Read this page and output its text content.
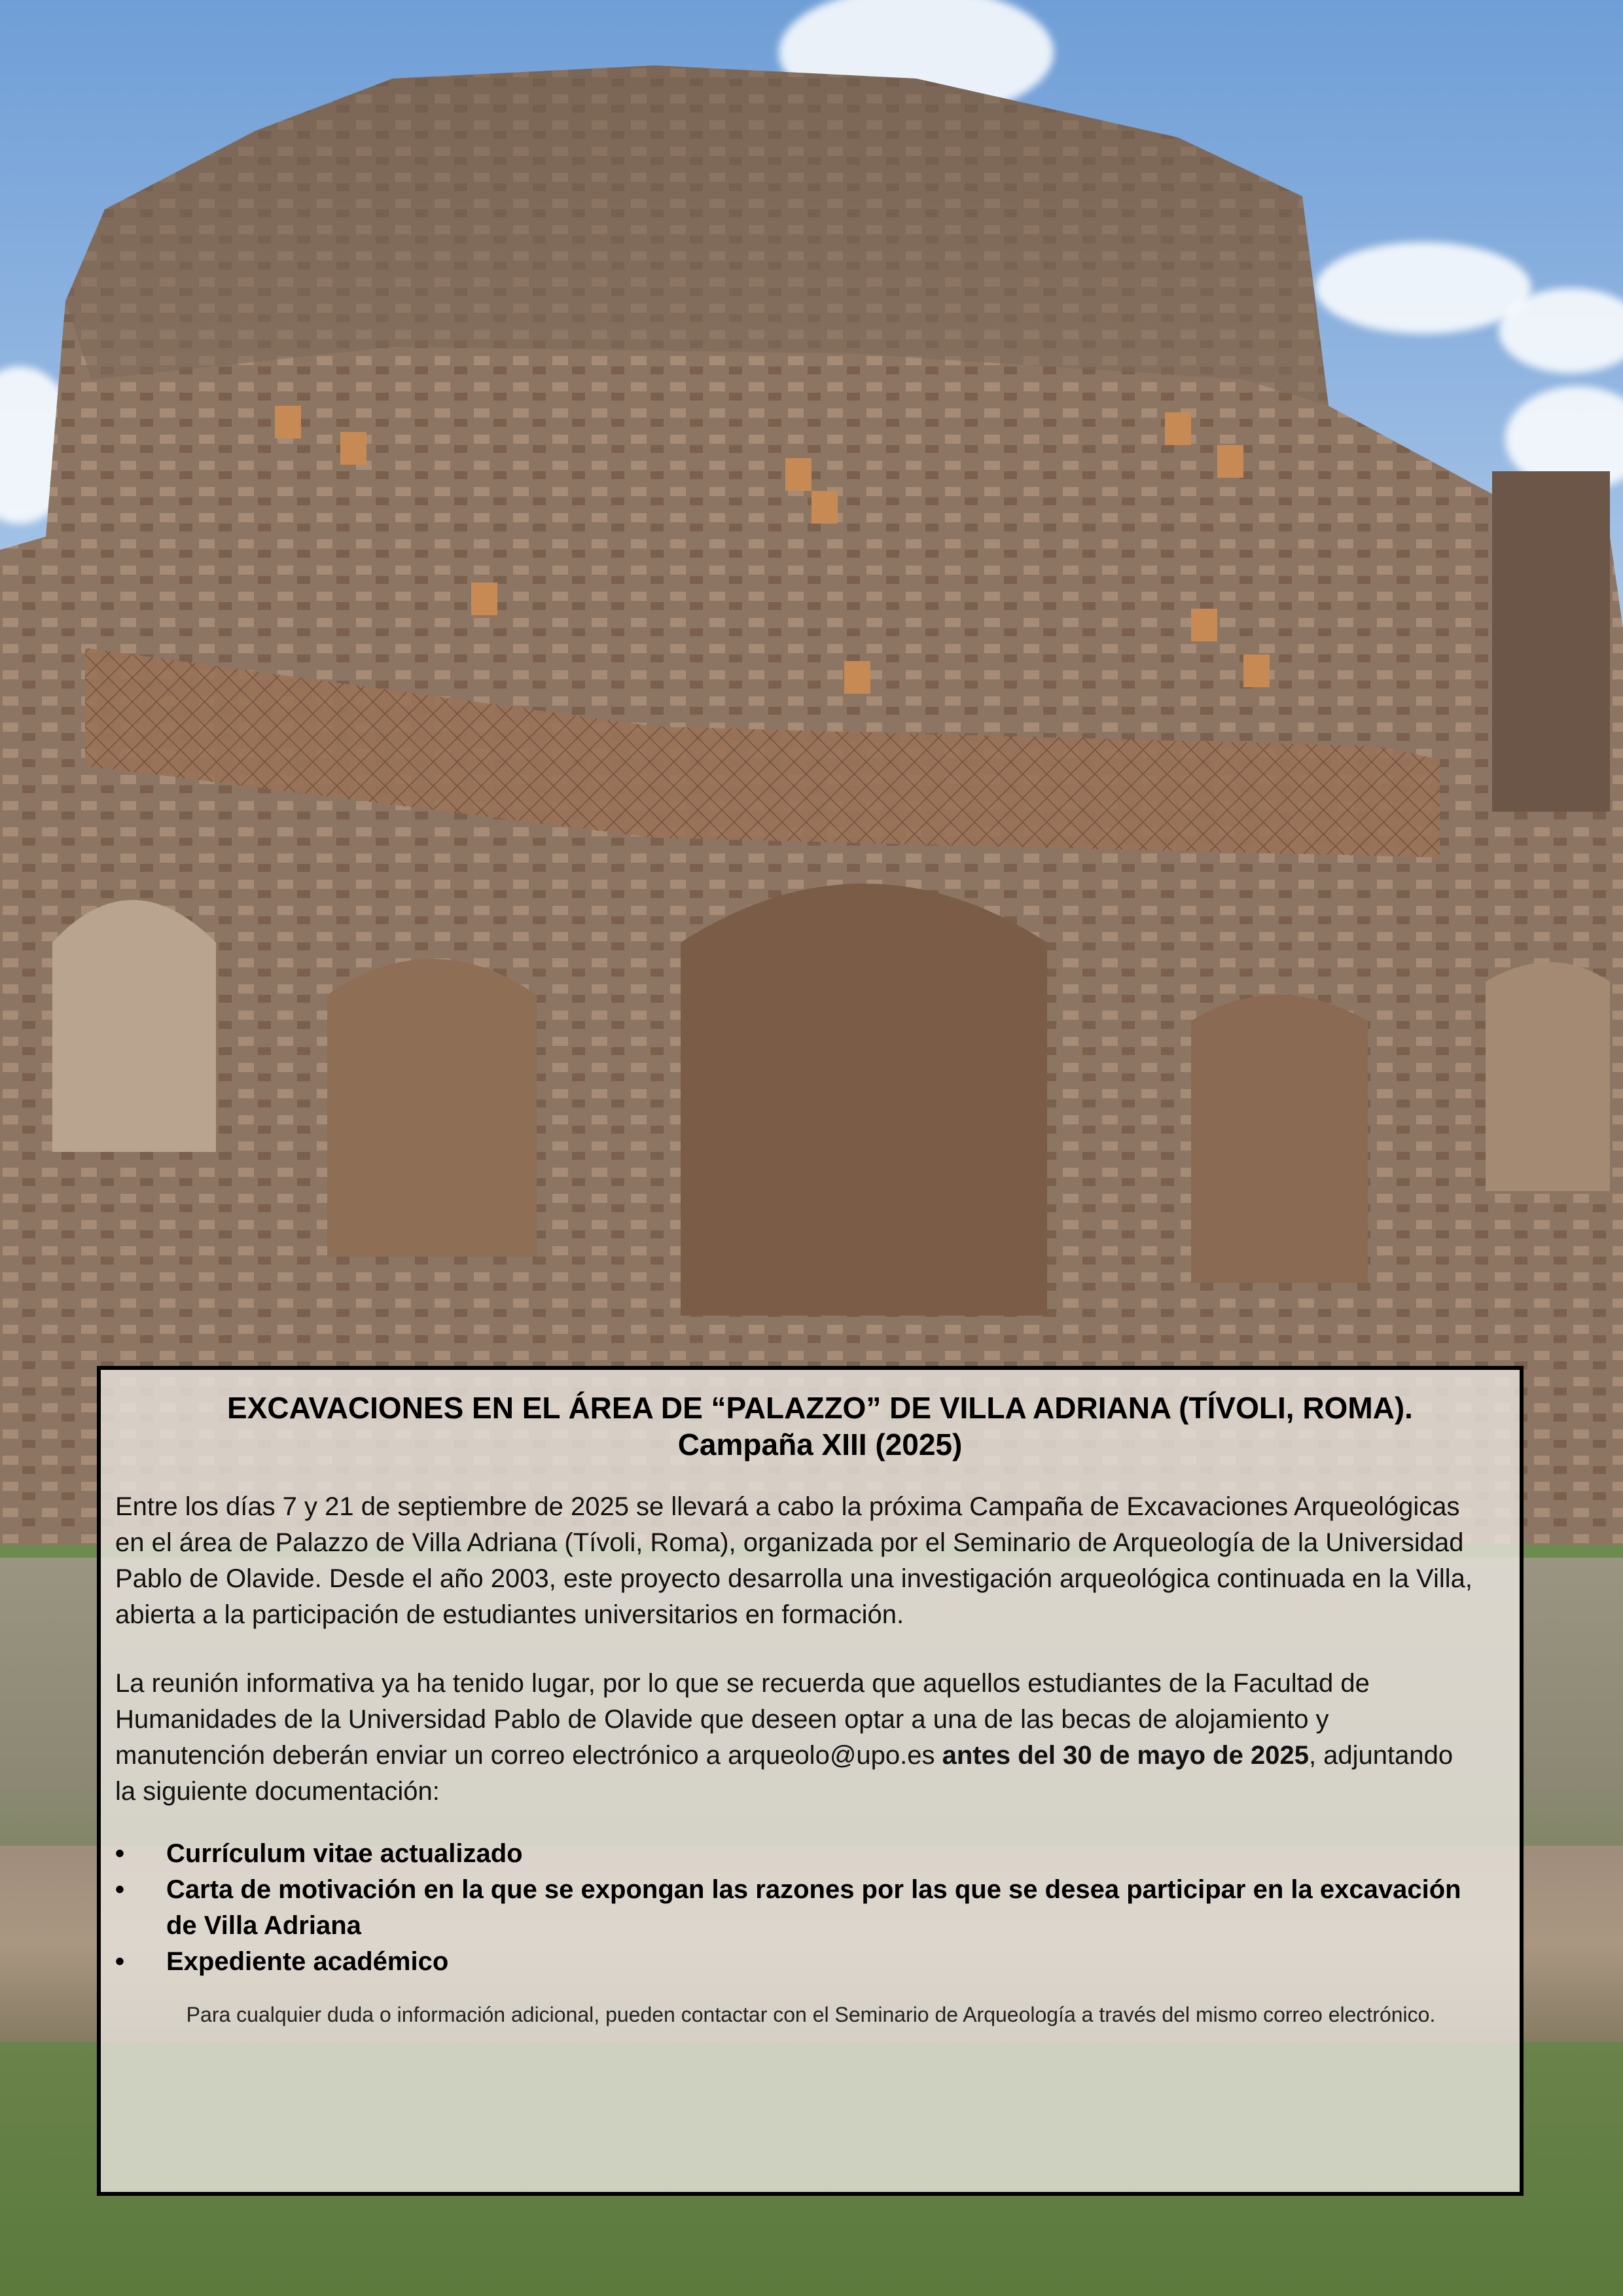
EXCAVACIONES EN EL ÁREA DE “PALAZZO” DE VILLA ADRIANA (TÍVOLI, ROMA). Campaña XIII (2025)

Entre los días 7 y 21 de septiembre de 2025 se llevará a cabo la próxima Campaña de Excavaciones Arqueológicas en el área de Palazzo de Villa Adriana (Tívoli, Roma), organizada por el Seminario de Arqueología de la Universidad Pablo de Olavide. Desde el año 2003, este proyecto desarrolla una investigación arqueológica continuada en la Villa, abierta a la participación de estudiantes universitarios en formación.

La reunión informativa ya ha tenido lugar, por lo que se recuerda que aquellos estudiantes de la Facultad de Humanidades de la Universidad Pablo de Olavide que deseen optar a una de las becas de alojamiento y manutención deberán enviar un correo electrónico a arqueolo@upo.es antes del 30 de mayo de 2025, adjuntando la siguiente documentación:

• Currículum vitae actualizado
• Carta de motivación en la que se expongan las razones por las que se desea participar en la excavación de Villa Adriana
• Expediente académico
Para cualquier duda o información adicional, pueden contactar con el Seminario de Arqueología a través del mismo correo electrónico.
